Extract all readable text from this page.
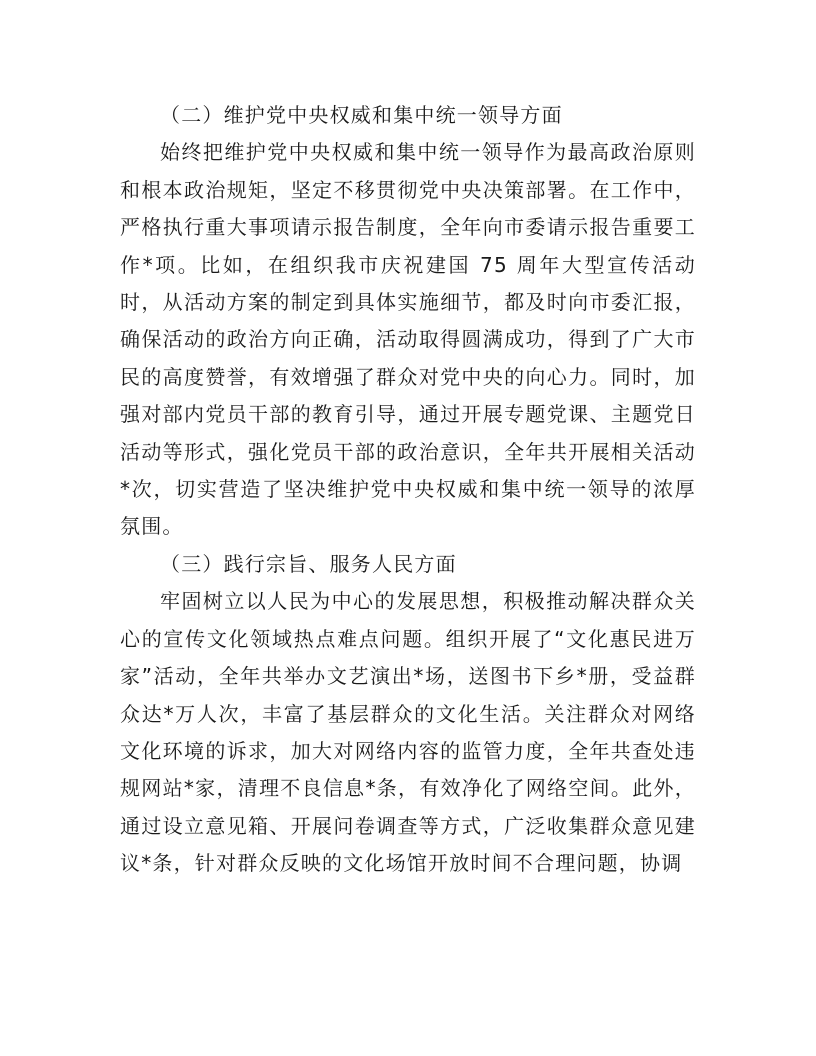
（二）维护党中央权威和集中统一领导方面

始终把维护党中央权威和集中统一领导作为最高政治原则和根本政治规矩，坚定不移贯彻党中央决策部署。在工作中，严格执行重大事项请示报告制度，全年向市委请示报告重要工作*项。比如，在组织我市庆祝建国 75 周年大型宣传活动时，从活动方案的制定到具体实施细节，都及时向市委汇报，确保活动的政治方向正确，活动取得圆满成功，得到了广大市民的高度赞誉，有效增强了群众对党中央的向心力。同时，加强对部内党员干部的教育引导，通过开展专题党课、主题党日活动等形式，强化党员干部的政治意识，全年共开展相关活动*次，切实营造了坚决维护党中央权威和集中统一领导的浓厚氛围。

（三）践行宗旨、服务人民方面

牢固树立以人民为中心的发展思想，积极推动解决群众关心的宣传文化领域热点难点问题。组织开展了“文化惠民进万家”活动，全年共举办文艺演出*场，送图书下乡*册，受益群众达*万人次，丰富了基层群众的文化生活。关注群众对网络文化环境的诉求，加大对网络内容的监管力度，全年共查处违规网站*家，清理不良信息*条，有效净化了网络空间。此外，通过设立意见箱、开展问卷调查等方式，广泛收集群众意见建议*条，针对群众反映的文化场馆开放时间不合理问题，协调
